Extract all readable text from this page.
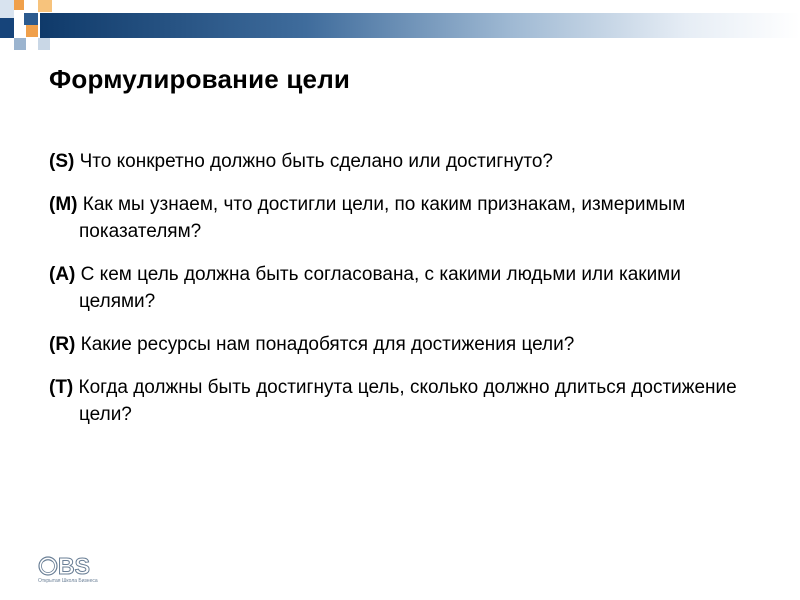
Формулирование цели

(S) Что конкретно должно быть сделано или достигнуто?

(M) Как мы узнаем, что достигли цели, по каким признакам, измеримым показателям?

(A) С кем цель должна быть согласована, с какими людьми или какими целями?

(R) Какие ресурсы нам понадобятся для достижения цели?

(T) Когда должны быть достигнута цель, сколько должно длиться достижение цели?

BS
Открытая Школа Бизнеса
